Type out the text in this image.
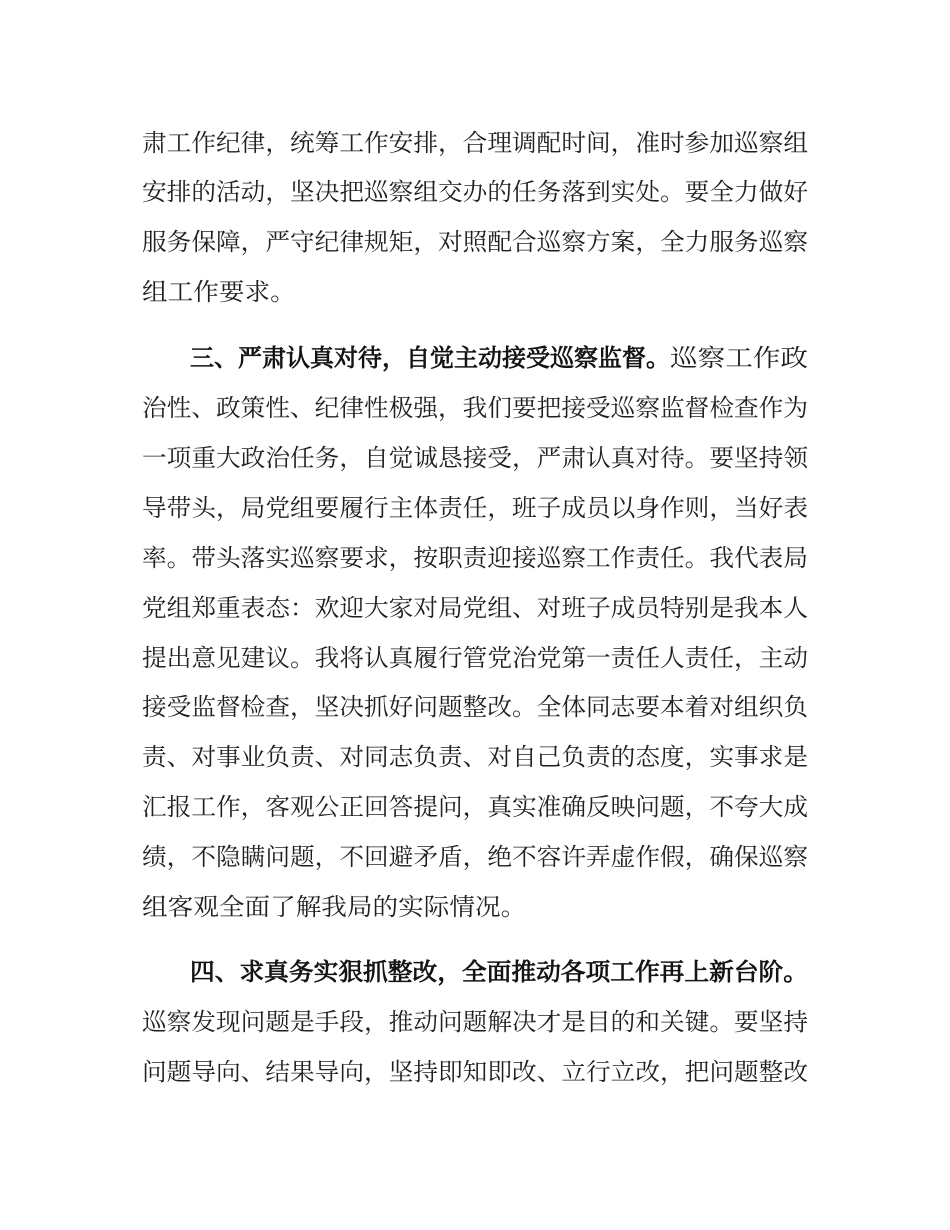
肃工作纪律，统筹工作安排，合理调配时间，准时参加巡察组
安排的活动，坚决把巡察组交办的任务落到实处。要全力做好
服务保障，严守纪律规矩，对照配合巡察方案，全力服务巡察
组工作要求。
三、严肃认真对待，自觉主动接受巡察监督。 巡察工作政
治性、政策性、纪律性极强，我们要把接受巡察监督检查作为
一项重大政治任务，自觉诚恳接受，严肃认真对待。要坚持领
导带头，局党组要履行主体责任，班子成员以身作则，当好表
率。带头落实巡察要求，按职责迎接巡察工作责任。我代表局
党组郑重表态：欢迎大家对局党组、对班子成员特别是我本人
提出意见建议。我将认真履行管党治党第一责任人责任，主动
接受监督检查，坚决抓好问题整改。全体同志要本着对组织负
责、对事业负责、对同志负责、对自己负责的态度，实事求是
汇报工作，客观公正回答提问，真实准确反映问题，不夸大成
绩，不隐瞒问题，不回避矛盾，绝不容许弄虚作假，确保巡察
组客观全面了解我局的实际情况。
四、求真务实狠抓整改，全面推动各项工作再上新台阶。
巡察发现问题是手段，推动问题解决才是目的和关键。要坚持
问题导向、结果导向，坚持即知即改、立行立改，把问题整改
